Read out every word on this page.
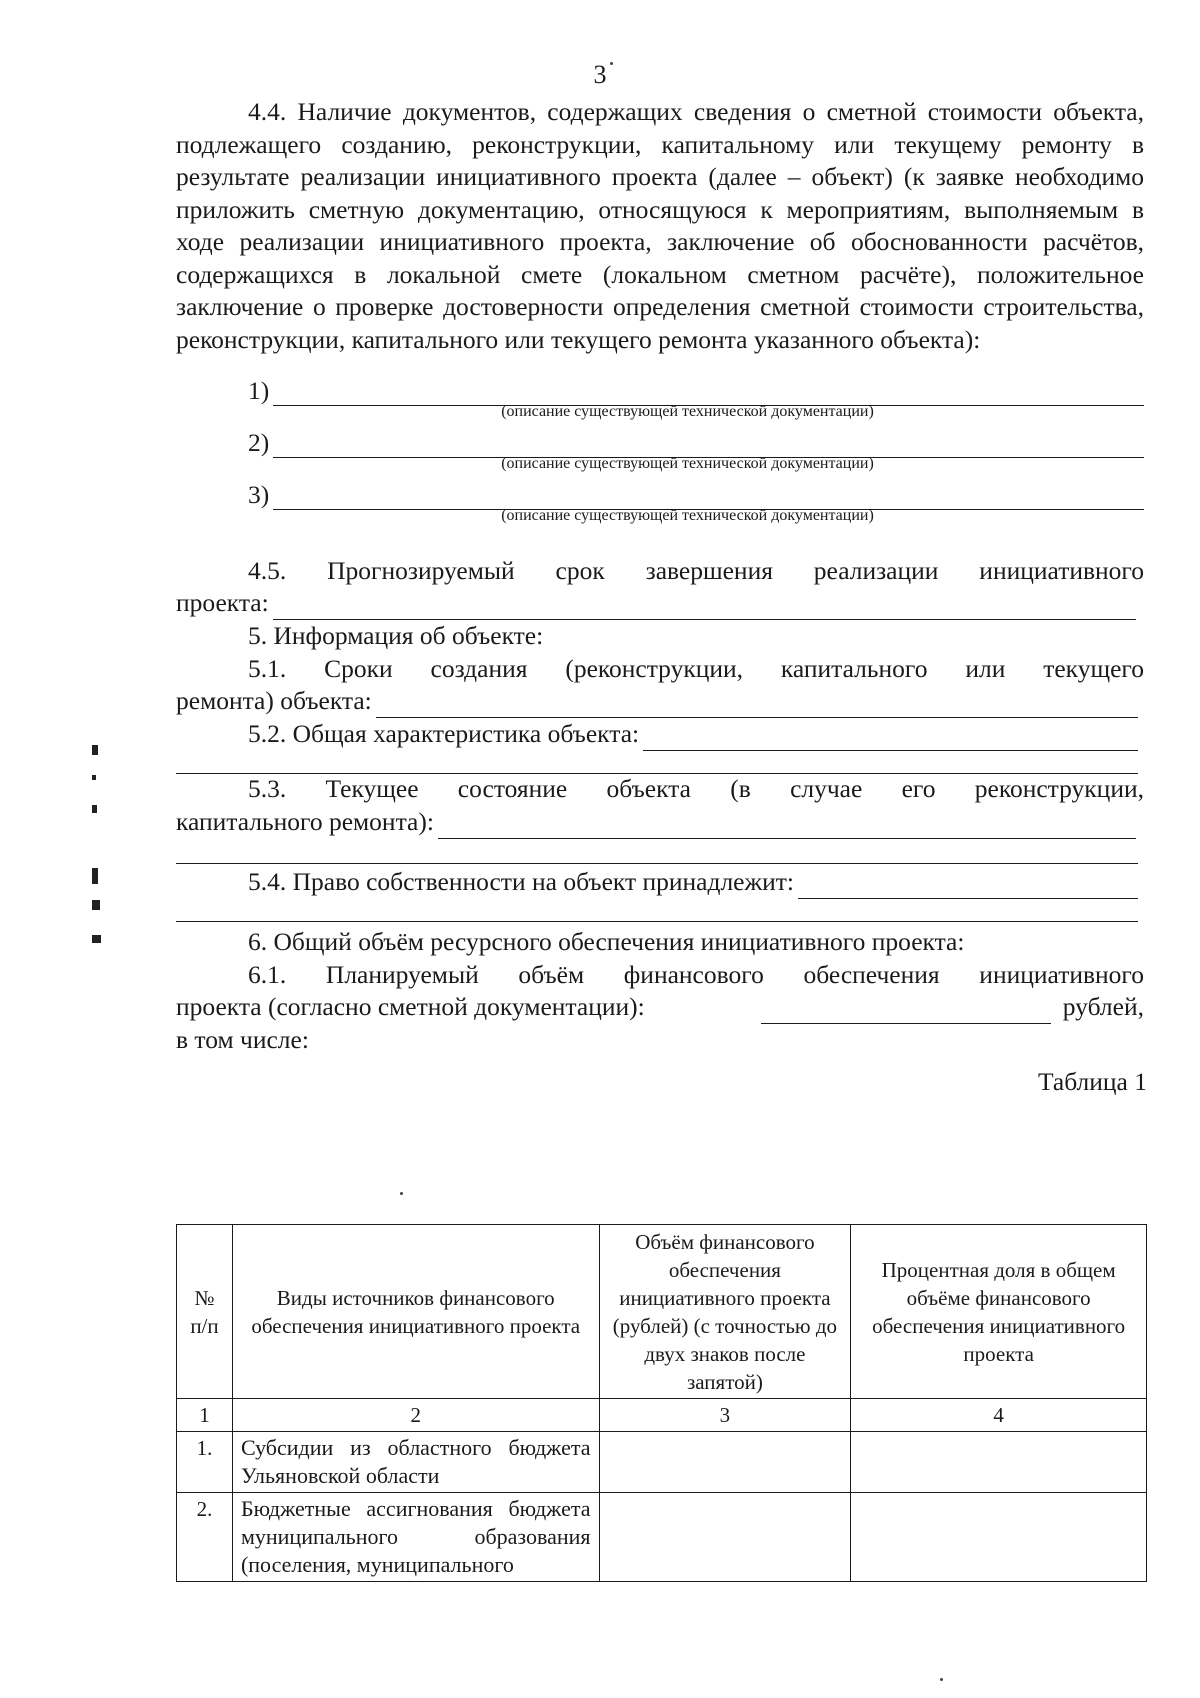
3
4.4. Наличие документов, содержащих сведения о сметной стоимости объекта, подлежащего созданию, реконструкции, капитальному или текущему ремонту в результате реализации инициативного проекта (далее – объект) (к заявке необходимо приложить сметную документацию, относящуюся к мероприятиям, выполняемым в ходе реализации инициативного проекта, заключение об обоснованности расчётов, содержащихся в локальной смете (локальном сметном расчёте), положительное заключение о проверке достоверности определения сметной стоимости строительства, реконструкции, капитального или текущего ремонта указанного объекта):
1)
(описание существующей технической документации)
2)
(описание существующей технической документации)
3)
(описание существующей технической документации)
4.5. Прогнозируемый срок завершения реализации инициативного
проекта:
5. Информация об объекте:
5.1. Сроки создания (реконструкции, капитального или текущего
ремонта) объекта:
5.2. Общая характеристика объекта:
5.3. Текущее состояние объекта (в случае его реконструкции,
капитального ремонта):
5.4. Право собственности на объект принадлежит:
6. Общий объём ресурсного обеспечения инициативного проекта:
6.1. Планируемый объём финансового обеспечения инициативного
проекта (согласно сметной документации):	рублей,
в том числе:
Таблица 1
№ п/п	Виды источников финансового обеспечения инициативного проекта	Объём финансового обеспечения инициативного проекта (рублей) (с точностью до двух знаков после запятой)	Процентная доля в общем объёме финансового обеспечения инициативного проекта
1	2	3	4
1.	Субсидии из областного бюджета Ульяновской области		
2.	Бюджетные ассигнования бюджета муниципального образования (поселения, муниципального		
